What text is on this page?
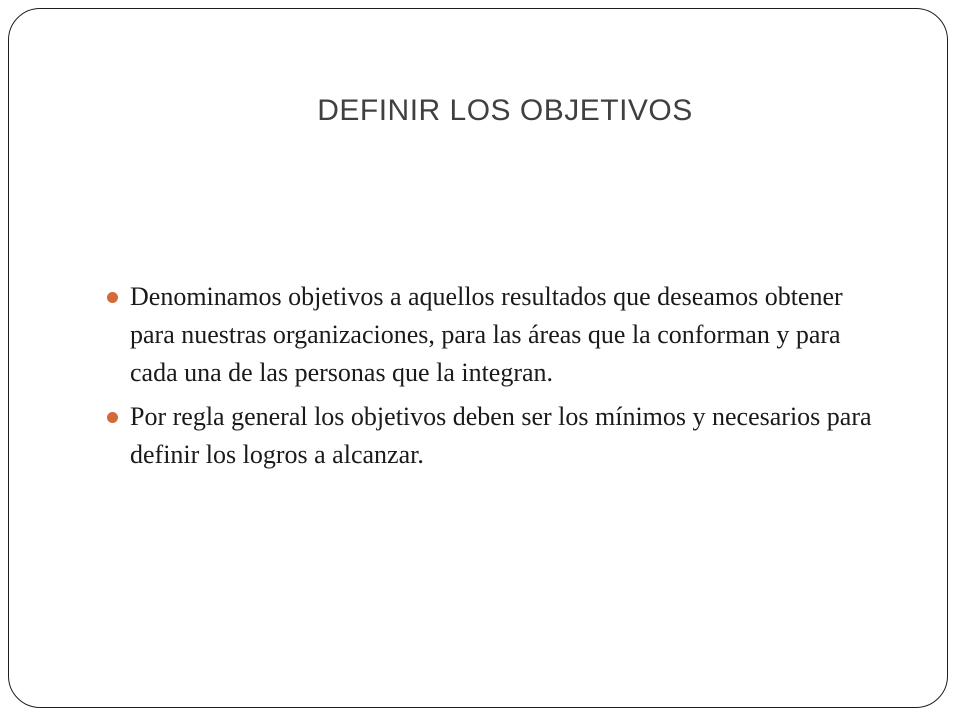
DEFINIR LOS OBJETIVOS
Denominamos objetivos a aquellos resultados que deseamos obtener para nuestras organizaciones, para las áreas que la conforman y para cada una de las personas que la integran.
Por regla general los objetivos deben ser los mínimos y necesarios para definir los logros a alcanzar.
